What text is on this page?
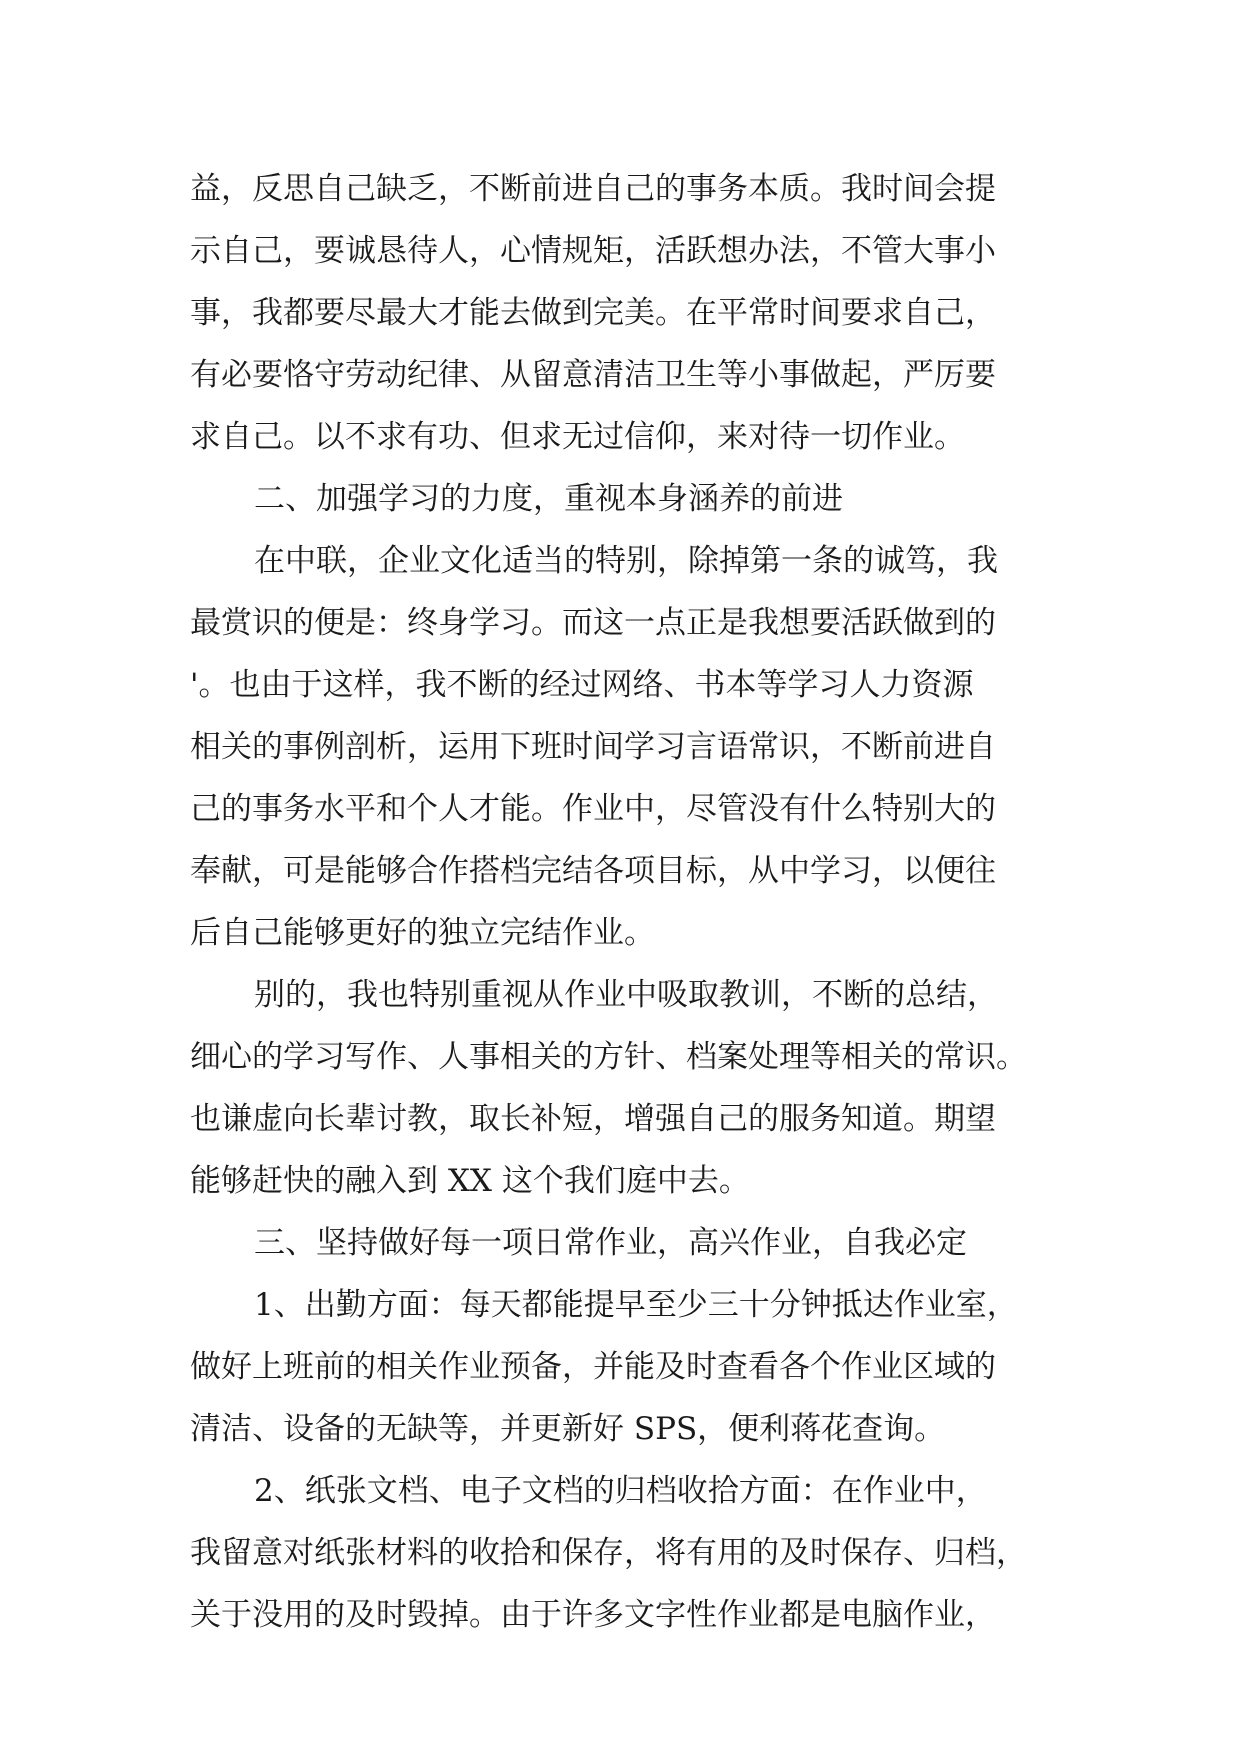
益，反思自己缺乏，不断前进自己的事务本质。我时间会提
示自己，要诚恳待人，心情规矩，活跃想办法，不管大事小
事，我都要尽最大才能去做到完美。在平常时间要求自己，
有必要恪守劳动纪律、从留意清洁卫生等小事做起，严厉要
求自己。以不求有功、但求无过信仰，来对待一切作业。
二、加强学习的力度，重视本身涵养的前进
在中联，企业文化适当的特别，除掉第一条的诚笃，我
最赏识的便是：终身学习。而这一点正是我想要活跃做到的
'。也由于这样，我不断的经过网络、书本等学习人力资源
相关的事例剖析，运用下班时间学习言语常识，不断前进自
己的事务水平和个人才能。作业中，尽管没有什么特别大的
奉献，可是能够合作搭档完结各项目标，从中学习，以便往
后自己能够更好的独立完结作业。
别的，我也特别重视从作业中吸取教训，不断的总结，
细心的学习写作、人事相关的方针、档案处理等相关的常识。
也谦虚向长辈讨教，取长补短，增强自己的服务知道。期望
能够赶快的融入到 XX 这个我们庭中去。
三、坚持做好每一项日常作业，高兴作业，自我必定
1、出勤方面：每天都能提早至少三十分钟抵达作业室，
做好上班前的相关作业预备，并能及时查看各个作业区域的
清洁、设备的无缺等，并更新好 SPS，便利蒋花查询。
2、纸张文档、电子文档的归档收拾方面：在作业中，
我留意对纸张材料的收拾和保存，将有用的及时保存、归档，
关于没用的及时毁掉。由于许多文字性作业都是电脑作业，
